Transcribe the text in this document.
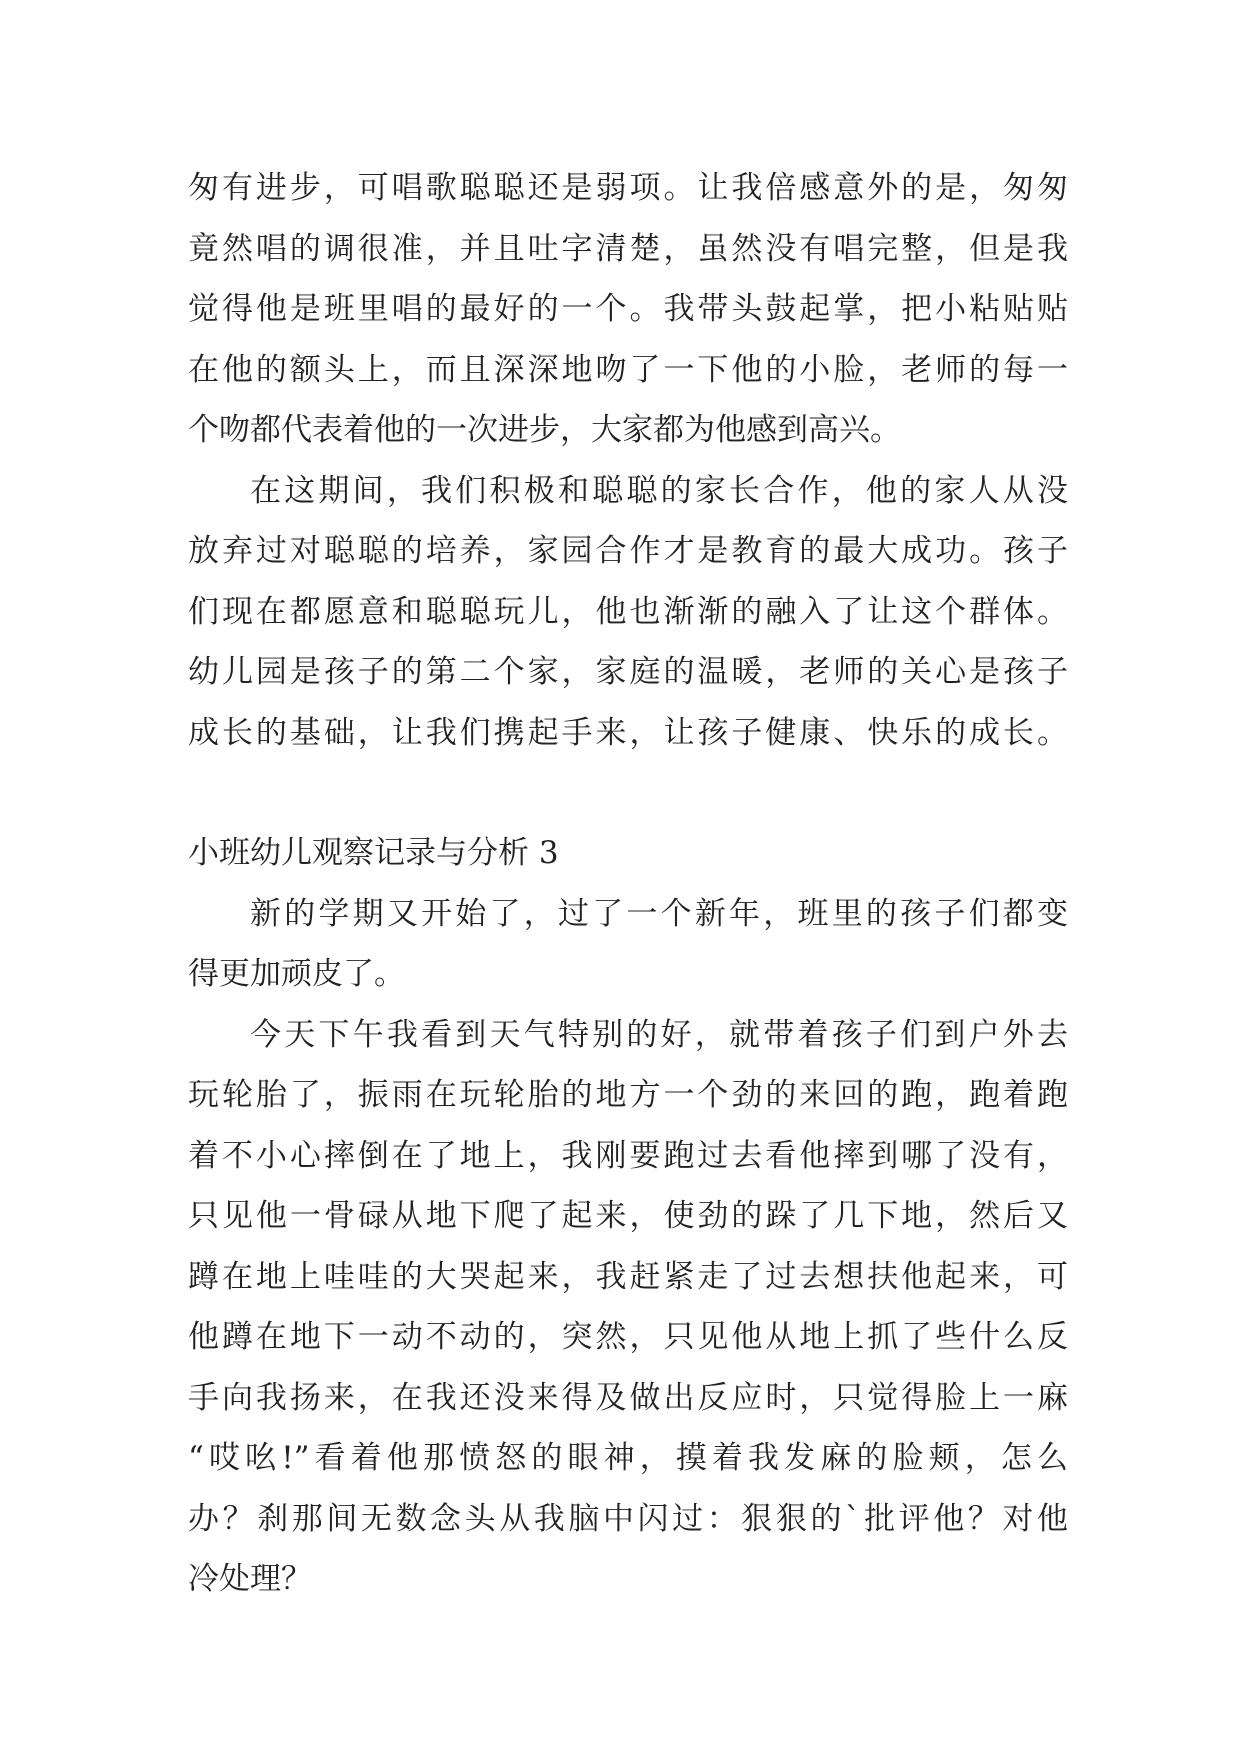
匆有进步，可唱歌聪聪还是弱项。让我倍感意外的是，匆匆
竟然唱的调很准，并且吐字清楚，虽然没有唱完整，但是我
觉得他是班里唱的最好的一个。我带头鼓起掌，把小粘贴贴
在他的额头上，而且深深地吻了一下他的小脸，老师的每一
个吻都代表着他的一次进步，大家都为他感到高兴。
在这期间，我们积极和聪聪的家长合作，他的家人从没
放弃过对聪聪的培养，家园合作才是教育的最大成功。孩子
们现在都愿意和聪聪玩儿，他也渐渐的融入了让这个群体。
幼儿园是孩子的第二个家，家庭的温暖，老师的关心是孩子
成长的基础，让我们携起手来，让孩子健康、快乐的成长。
小班幼儿观察记录与分析 3
新的学期又开始了，过了一个新年，班里的孩子们都变
得更加顽皮了。
今天下午我看到天气特别的好，就带着孩子们到户外去
玩轮胎了，振雨在玩轮胎的地方一个劲的来回的跑，跑着跑
着不小心摔倒在了地上，我刚要跑过去看他摔到哪了没有，
只见他一骨碌从地下爬了起来，使劲的跺了几下地，然后又
蹲在地上哇哇的大哭起来，我赶紧走了过去想扶他起来，可
他蹲在地下一动不动的，突然，只见他从地上抓了些什么反
手向我扬来，在我还没来得及做出反应时，只觉得脸上一麻
“哎吆!”看着他那愤怒的眼神，摸着我发麻的脸颊，怎么
办？刹那间无数念头从我脑中闪过：狠狠的`批评他？对他
冷处理？
